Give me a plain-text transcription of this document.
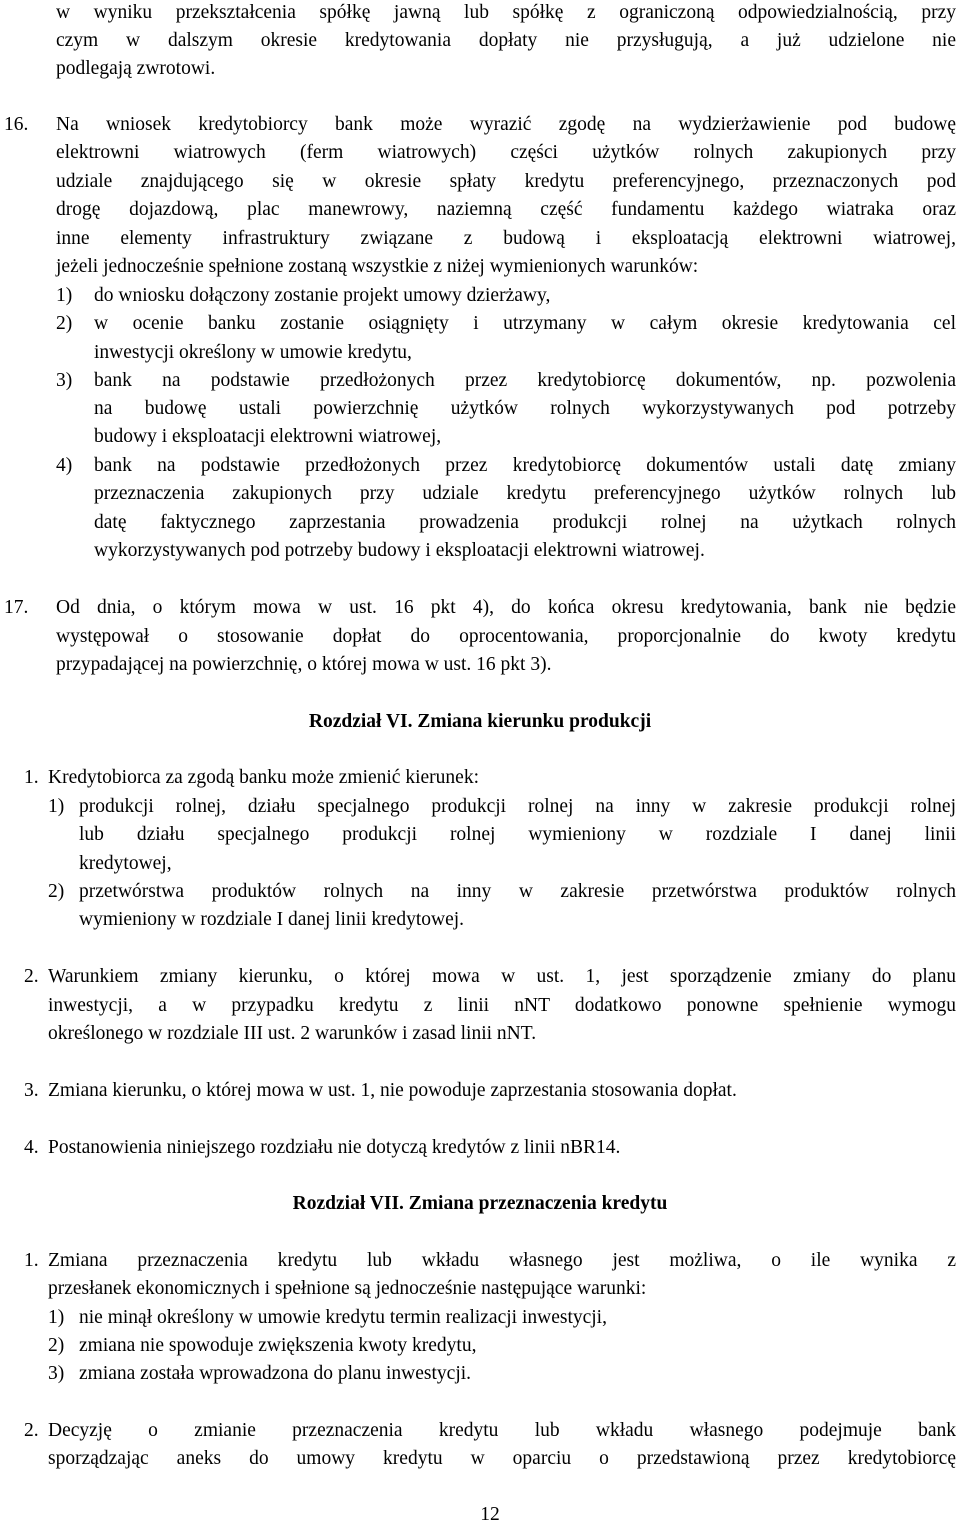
w wyniku przekształcenia spółkę jawną lub spółkę z ograniczoną odpowiedzialnością, przy

czym w dalszym okresie kredytowania dopłaty nie przysługują, a już udzielone nie

podlegają zwrotowi.

16. Na wniosek kredytobiorcy bank może wyrazić zgodę na wydzierżawienie pod budowę

elektrowni wiatrowych (ferm wiatrowych) części użytków rolnych zakupionych przy

udziale znajdującego się w okresie spłaty kredytu preferencyjnego, przeznaczonych pod

drogę dojazdową, plac manewrowy, naziemną część fundamentu każdego wiatraka oraz

inne elementy infrastruktury związane z budową i eksploatacją elektrowni wiatrowej,

jeżeli jednocześnie spełnione zostaną wszystkie z niżej wymienionych warunków:

1) do wniosku dołączony zostanie projekt umowy dzierżawy,

2) w ocenie banku zostanie osiągnięty i utrzymany w całym okresie kredytowania cel

inwestycji określony w umowie kredytu,

3) bank na podstawie przedłożonych przez kredytobiorcę dokumentów, np. pozwolenia

na budowę ustali powierzchnię użytków rolnych wykorzystywanych pod potrzeby

budowy i eksploatacji elektrowni wiatrowej,

4) bank na podstawie przedłożonych przez kredytobiorcę dokumentów ustali datę zmiany

przeznaczenia zakupionych przy udziale kredytu preferencyjnego użytków rolnych lub

datę faktycznego zaprzestania prowadzenia produkcji rolnej na użytkach rolnych

wykorzystywanych pod potrzeby budowy i eksploatacji elektrowni wiatrowej.

17. Od dnia, o którym mowa w ust. 16 pkt 4), do końca okresu kredytowania, bank nie będzie

występował o stosowanie dopłat do oprocentowania, proporcjonalnie do kwoty kredytu

przypadającej na powierzchnię, o której mowa w ust. 16 pkt 3).

Rozdział VI. Zmiana kierunku produkcji

1. Kredytobiorca za zgodą banku może zmienić kierunek:

1) produkcji rolnej, działu specjalnego produkcji rolnej na inny w zakresie produkcji rolnej

lub działu specjalnego produkcji rolnej wymieniony w rozdziale I danej linii

kredytowej,

2) przetwórstwa produktów rolnych na inny w zakresie przetwórstwa produktów rolnych

wymieniony w rozdziale I danej linii kredytowej.

2. Warunkiem zmiany kierunku, o której mowa w ust. 1, jest sporządzenie zmiany do planu

inwestycji, a w przypadku kredytu z linii nNT dodatkowo ponowne spełnienie wymogu

określonego w rozdziale III ust. 2 warunków i zasad linii nNT.

3. Zmiana kierunku, o której mowa w ust. 1, nie powoduje zaprzestania stosowania dopłat.

4. Postanowienia niniejszego rozdziału nie dotyczą kredytów z linii nBR14.

Rozdział VII. Zmiana przeznaczenia kredytu

1. Zmiana przeznaczenia kredytu lub wkładu własnego jest możliwa, o ile wynika z

przesłanek ekonomicznych i spełnione są jednocześnie następujące warunki:

1) nie minął określony w umowie kredytu termin realizacji inwestycji,

2) zmiana nie spowoduje zwiększenia kwoty kredytu,

3) zmiana została wprowadzona do planu inwestycji.

2. Decyzję o zmianie przeznaczenia kredytu lub wkładu własnego podejmuje bank

sporządzając aneks do umowy kredytu w oparciu o przedstawioną przez kredytobiorcę

12
